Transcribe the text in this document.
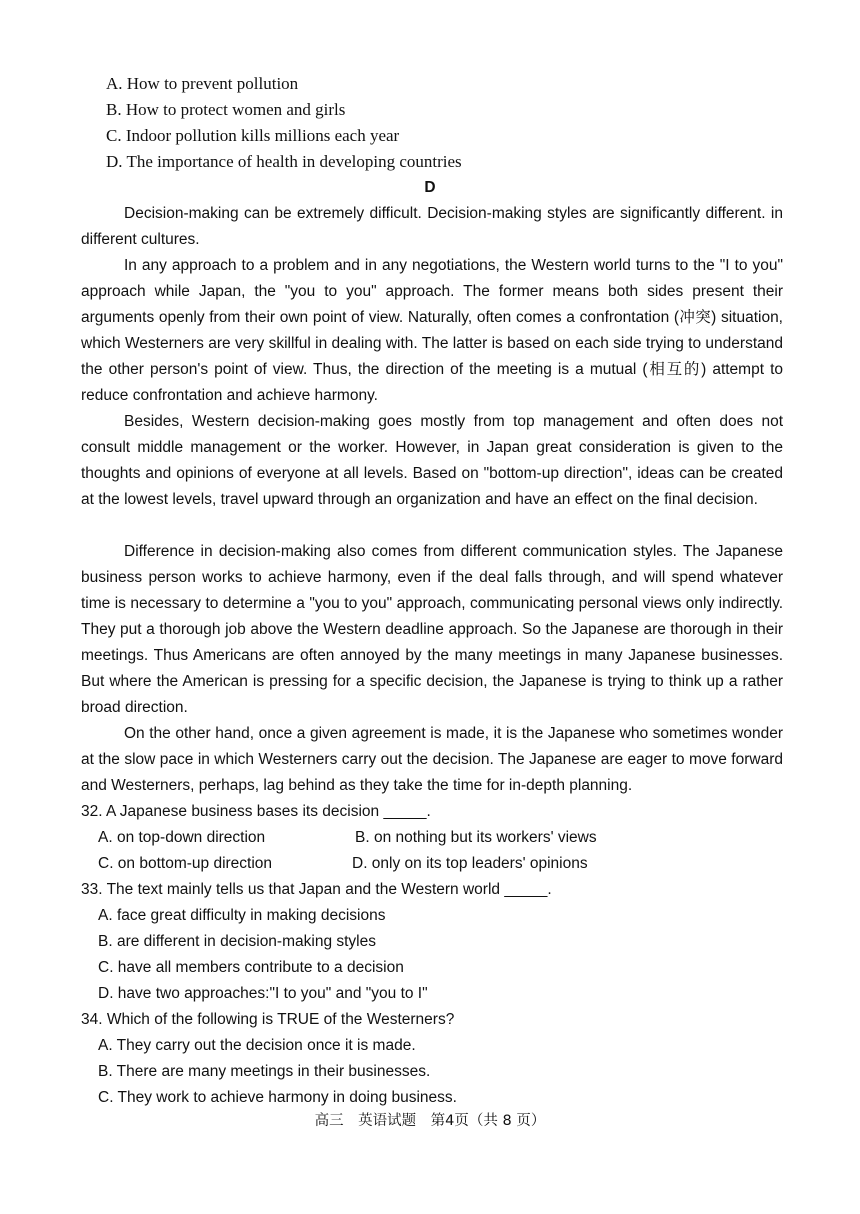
A. How to prevent pollution
B. How to protect women and girls
C. Indoor pollution kills millions each year
D. The importance of health in developing countries
D

Decision-making can be extremely difficult. Decision-making styles are significantly different. in different cultures.

In any approach to a problem and in any negotiations, the Western world turns to the "I to you" approach while Japan, the "you to you" approach. The former means both sides present their arguments openly from their own point of view. Naturally, often comes a confrontation (冲突) situation, which Westerners are very skillful in dealing with. The latter is based on each side trying to understand the other person's point of view. Thus, the direction of the meeting is a mutual (相互的) attempt to reduce confrontation and achieve harmony.

Besides, Western decision-making goes mostly from top management and often does not consult middle management or the worker. However, in Japan great consideration is given to the thoughts and opinions of everyone at all levels. Based on "bottom-up direction", ideas can be created at the lowest levels, travel upward through an organization and have an effect on the final decision.

Difference in decision-making also comes from different communication styles. The Japanese business person works to achieve harmony, even if the deal falls through, and will spend whatever time is necessary to determine a "you to you" approach, communicating personal views only indirectly. They put a thorough job above the Western deadline approach. So the Japanese are thorough in their meetings. Thus Americans are often annoyed by the many meetings in many Japanese businesses. But where the American is pressing for a specific decision, the Japanese is trying to think up a rather broad direction.

On the other hand, once a given agreement is made, it is the Japanese who sometimes wonder at the slow pace in which Westerners carry out the decision. The Japanese are eager to move forward and Westerners, perhaps, lag behind as they take the time for in-depth planning.

32. A Japanese business bases its decision _____.
A. on top-down direction	B. on nothing but its workers' views
C. on bottom-up direction	D. only on its top leaders' opinions
33. The text mainly tells us that Japan and the Western world _____.
A. face great difficulty in making decisions
B. are different in decision-making styles
C. have all members contribute to a decision
D. have two approaches:"I to you" and "you to I"
34. Which of the following is TRUE of the Westerners?
A. They carry out the decision once it is made.
B. There are many meetings in their businesses.
C. They work to achieve harmony in doing business.
高三　英语试题　第4页（共 8 页）
